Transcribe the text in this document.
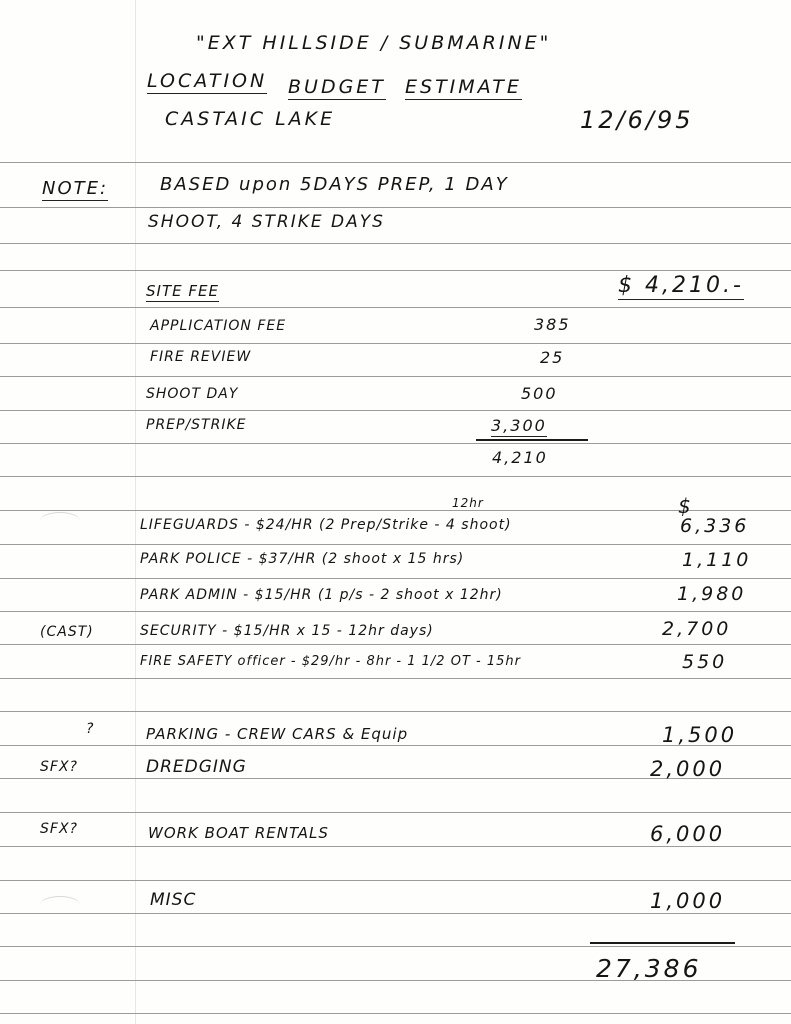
"EXT HILLSIDE / SUBMARINE"
LOCATION BUDGET ESTIMATE
CASTAIC LAKE	12/6/95
NOTE:	BASED upon 5DAYS PREP, 1 DAY
SHOOT, 4 STRIKE DAYS
SITE FEE	$ 4,210.-
APPLICATION FEE	385
FIRE REVIEW	25
SHOOT DAY	500
PREP/STRIKE	3,300
4,210
$
12hr
LIFEGUARDS - $24/HR (2 Prep/Strike - 4 shoot)	6,336
PARK POLICE - $37/HR (2 shoot x 15 hrs)	1,110
PARK ADMIN - $15/HR (1 p/s - 2 shoot x 12hr)	1,980
(CAST)	SECURITY - $15/HR x 15 - 12hr days)	2,700
FIRE SAFETY officer - $29/hr - 8hr - 1 1/2 OT - 15hr	550
?	PARKING - CREW CARS & Equip	1,500
SFX?	DREDGING	2,000
SFX?	WORK BOAT RENTALS	6,000
MISC	1,000
27,386
